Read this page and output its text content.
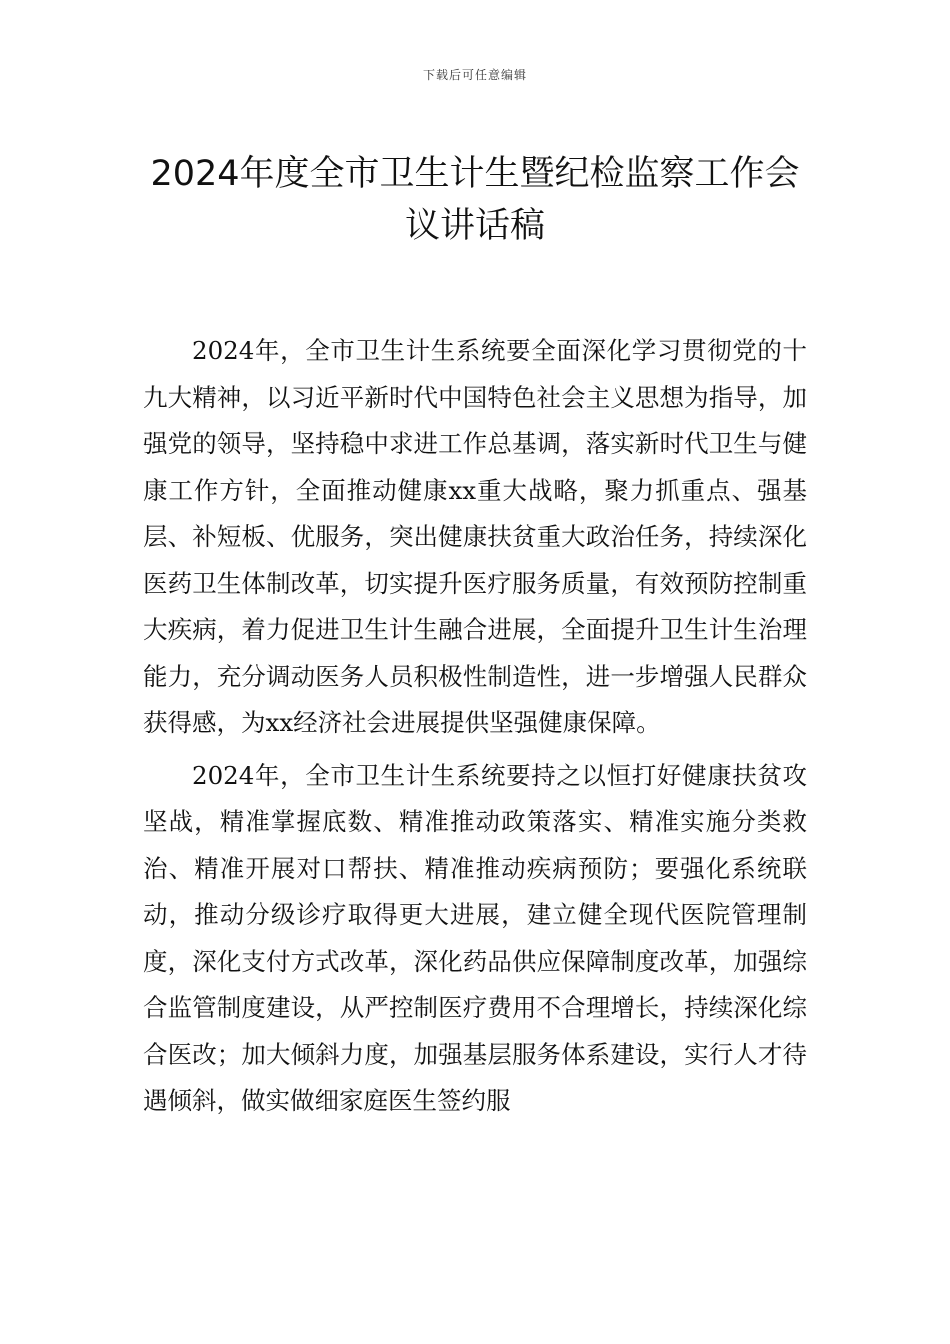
下载后可任意编辑
2024年度全市卫生计生暨纪检监察工作会议讲话稿

2024年，全市卫生计生系统要全面深化学习贯彻党的十九大精神，以习近平新时代中国特色社会主义思想为指导，加强党的领导，坚持稳中求进工作总基调，落实新时代卫生与健康工作方针，全面推动健康xx重大战略，聚力抓重点、强基层、补短板、优服务，突出健康扶贫重大政治任务，持续深化医药卫生体制改革，切实提升医疗服务质量，有效预防控制重大疾病，着力促进卫生计生融合进展，全面提升卫生计生治理能力，充分调动医务人员积极性制造性，进一步增强人民群众获得感，为xx经济社会进展提供坚强健康保障。

2024年，全市卫生计生系统要持之以恒打好健康扶贫攻坚战，精准掌握底数、精准推动政策落实、精准实施分类救治、精准开展对口帮扶、精准推动疾病预防；要强化系统联动，推动分级诊疗取得更大进展，建立健全现代医院管理制度，深化支付方式改革，深化药品供应保障制度改革，加强综合监管制度建设，从严控制医疗费用不合理增长，持续深化综合医改；加大倾斜力度，加强基层服务体系建设，实行人才待遇倾斜，做实做细家庭医生签约服
